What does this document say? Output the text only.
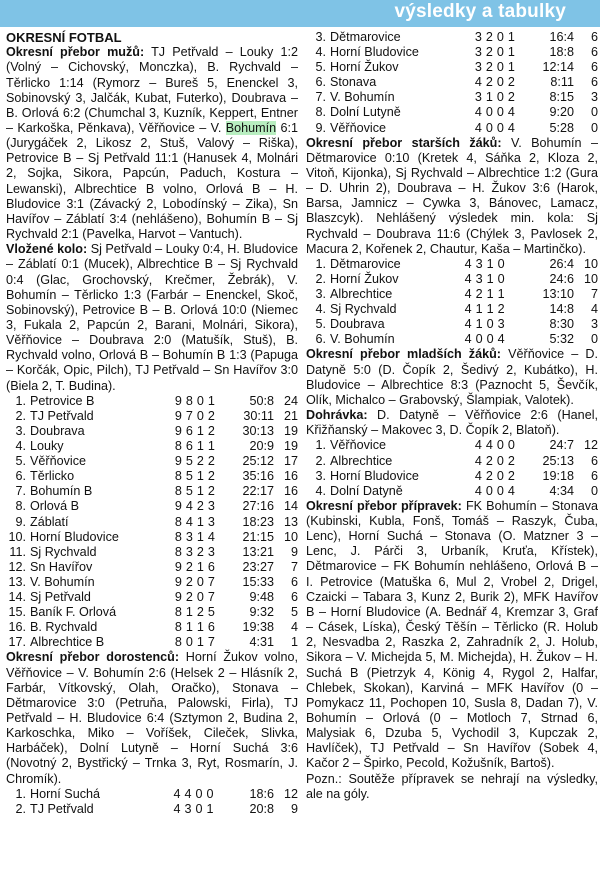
výsledky a tabulky
OKRESNÍ FOTBAL

Okresní přebor mužů: TJ Petřvald – Louky 1:2 (Volný – Cichovský, Monczka), B. Rychvald – Těrlicko 1:14 (Rymorz – Bureš 5, Enenckel 3, Sobinovský 3, Jalčák, Kubat, Futerko), Doubrava – B. Orlová 6:2 (Chumchal 3, Kuzník, Keppert, Entner – Karkoška, Pěnkava), Věřňovice – V. Bohumín 6:1 (Jurygáček 2, Likosz 2, Stuš, Valový – Riška), Petrovice B – Sj Petřvald 11:1 (Hanusek 4, Molnári 2, Sojka, Sikora, Papcún, Paduch, Kostura – Lewanski), Albrechtice B volno, Orlová B – H. Bludovice 3:1 (Závacký 2, Lobodínský – Zika), Sn Havířov – Záblatí 3:4 (nehlášeno), Bohumín B – Sj Rychvald 2:1 (Pavelka, Harvot – Vantuch).

Vložené kolo: Sj Petřvald – Louky 0:4, H. Bludovice – Záblatí 0:1 (Mucek), Albrechtice B – Sj Rychvald 0:4 (Glac, Grochovský, Krečmer, Žebrák), V. Bohumín – Těrlicko 1:3 (Farbár – Enenckel, Skoč, Sobinovský), Petrovice B – B. Orlová 10:0 (Niemec 3, Fukala 2, Papcún 2, Barani, Molnári, Sikora), Věřňovice – Doubrava 2:0 (Matušík, Stuš), B. Rychvald volno, Orlová B – Bohumín B 1:3 (Papuga – Korčák, Opic, Pilch), TJ Petřvald – Sn Havířov 3:0 (Biela 2, T. Budina).

1.	Petrovice B	9	8	0	1	50:8	24
2.	TJ Petřvald	9	7	0	2	30:11	21
3.	Doubrava	9	6	1	2	30:13	19
4.	Louky	8	6	1	1	20:9	19
5.	Věřňovice	9	5	2	2	25:12	17
6.	Těrlicko	8	5	1	2	35:16	16
7.	Bohumín B	8	5	1	2	22:17	16
8.	Orlová B	9	4	2	3	27:16	14
9.	Záblatí	8	4	1	3	18:23	13
10.	Horní Bludovice	8	3	1	4	21:15	10
11.	Sj Rychvald	8	3	2	3	13:21	9
12.	Sn Havířov	9	2	1	6	23:27	7
13.	V. Bohumín	9	2	0	7	15:33	6
14.	Sj Petřvald	9	2	0	7	9:48	6
15.	Baník F. Orlová	8	1	2	5	9:32	5
16.	B. Rychvald	8	1	1	6	19:38	4
17.	Albrechtice B	8	0	1	7	4:31	1

Okresní přebor dorostenců: Horní Žukov volno, Věřňovice – V. Bohumín 2:6 (Helsek 2 – Hlásník 2, Farbár, Vítkovský, Olah, Oračko), Stonava – Dětmarovice 3:0 (Petruňa, Palowski, Firla), TJ Petřvald – H. Bludovice 6:4 (Sztymon 2, Budina 2, Karkoschka, Miko – Voříšek, Cileček, Slivka, Harbáček), Dolní Lutyně – Horní Suchá 3:6 (Novotný 2, Bystřický – Trnka 3, Ryt, Rosmarín, J. Chromík).

1.	Horní Suchá	4	4	0	0	18:6	12
2.	TJ Petřvald	4	3	0	1	20:8	9
3.	Dětmarovice	3	2	0	1	16:4	6
4.	Horní Bludovice	3	2	0	1	18:8	6
5.	Horní Žukov	3	2	0	1	12:14	6
6.	Stonava	4	2	0	2	8:11	6
7.	V. Bohumín	3	1	0	2	8:15	3
8.	Dolní Lutyně	4	0	0	4	9:20	0
9.	Věřňovice	4	0	0	4	5:28	0

Okresní přebor starších žáků: V. Bohumín – Dětmarovice 0:10 (Kretek 4, Sáňka 2, Kloza 2, Vitoň, Kijonka), Sj Rychvald – Albrechtice 1:2 (Gura – D. Uhrin 2), Doubrava – H. Žukov 3:6 (Harok, Barsa, Jamnicz – Cywka 3, Bánovec, Lamacz, Blaszcyk). Nehlášený výsledek min. kola: Sj Rychvald – Doubrava 11:6 (Chýlek 3, Pavlosek 2, Macura 2, Kořenek 2, Chautur, Kaša – Martinčko).

1.	Dětmarovice	4	3	1	0	26:4	10
2.	Horní Žukov	4	3	1	0	24:6	10
3.	Albrechtice	4	2	1	1	13:10	7
4.	Sj Rychvald	4	1	1	2	14:8	4
5.	Doubrava	4	1	0	3	8:30	3
6.	V. Bohumín	4	0	0	4	5:32	0

Okresní přebor mladších žáků: Věřňovice – D. Datyně 5:0 (D. Čopík 2, Šedivý 2, Kubátko), H. Bludovice – Albrechtice 8:3 (Paznocht 5, Ševčík, Olík, Michalco – Grabovský, Šlampiak, Valotek).

Dohrávka: D. Datyně – Věřňovice 2:6 (Hanel, Křižňanský – Makovec 3, D. Čopík 2, Blatoň).

1.	Věřňovice	4	4	0	0	24:7	12
2.	Albrechtice	4	2	0	2	25:13	6
3.	Horní Bludovice	4	2	0	2	19:18	6
4.	Dolní Datyně	4	0	0	4	4:34	0

Okresní přebor přípravek: FK Bohumín – Stonava (Kubinski, Kubla, Fonš, Tomáš – Raszyk, Čuba, Lenc), Horní Suchá – Stonava (O. Matzner 3 – Lenc, J. Párči 3, Urbaník, Kruťa, Křístek), Dětmarovice – FK Bohumín nehlášeno, Orlová B – I. Petrovice (Matuška 6, Mul 2, Vrobel 2, Drigel, Czaicki – Tabara 3, Kunz 2, Burik 2), MFK Havířov B – Horní Bludovice (A. Bednář 4, Kremzar 3, Graf – Cásek, Líska), Český Těšín – Těrlicko (R. Holub 2, Nesvadba 2, Raszka 2, Zahradník 2, J. Holub, Sikora – V. Michejda 5, M. Michejda), H. Žukov – H. Suchá B (Pietrzyk 4, König 4, Rygol 2, Halfar, Chlebek, Skokan), Karviná – MFK Havířov (0 – Pomykacz 11, Pochopen 10, Susla 8, Dadan 7), V. Bohumín – Orlová (0 – Motloch 7, Strnad 6, Malysiak 6, Dzuba 5, Vychodil 3, Kupczak 2, Havlíček), TJ Petřvald – Sn Havířov (Sobek 4, Kačor 2 – Špirko, Pecold, Kožušník, Bartoš).

Pozn.: Soutěže přípravek se nehrají na výsledky, ale na góly.
